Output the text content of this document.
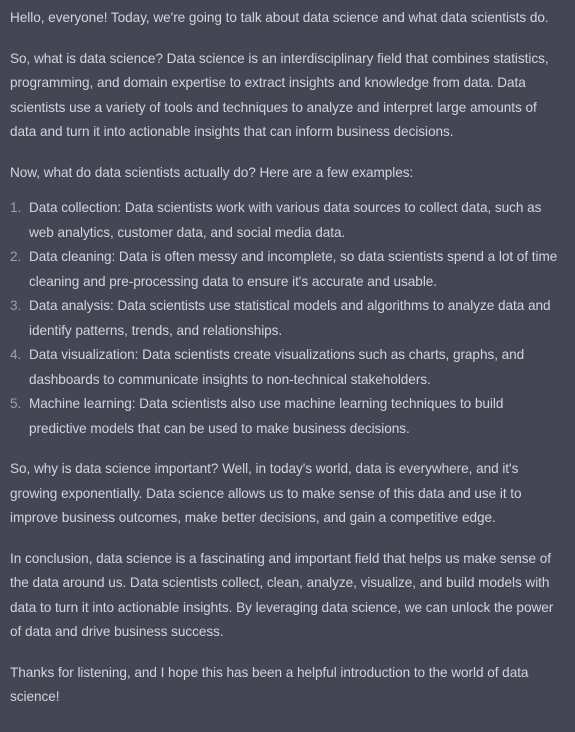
Hello, everyone! Today, we're going to talk about data science and what data scientists do.

So, what is data science? Data science is an interdisciplinary field that combines statistics,
programming, and domain expertise to extract insights and knowledge from data. Data
scientists use a variety of tools and techniques to analyze and interpret large amounts of
data and turn it into actionable insights that can inform business decisions.

Now, what do data scientists actually do? Here are a few examples:

1. Data collection: Data scientists work with various data sources to collect data, such as
web analytics, customer data, and social media data.
2. Data cleaning: Data is often messy and incomplete, so data scientists spend a lot of time
cleaning and pre-processing data to ensure it's accurate and usable.
3. Data analysis: Data scientists use statistical models and algorithms to analyze data and
identify patterns, trends, and relationships.
4. Data visualization: Data scientists create visualizations such as charts, graphs, and
dashboards to communicate insights to non-technical stakeholders.
5. Machine learning: Data scientists also use machine learning techniques to build
predictive models that can be used to make business decisions.

So, why is data science important? Well, in today's world, data is everywhere, and it's
growing exponentially. Data science allows us to make sense of this data and use it to
improve business outcomes, make better decisions, and gain a competitive edge.

In conclusion, data science is a fascinating and important field that helps us make sense of
the data around us. Data scientists collect, clean, analyze, visualize, and build models with
data to turn it into actionable insights. By leveraging data science, we can unlock the power
of data and drive business success.

Thanks for listening, and I hope this has been a helpful introduction to the world of data
science!
